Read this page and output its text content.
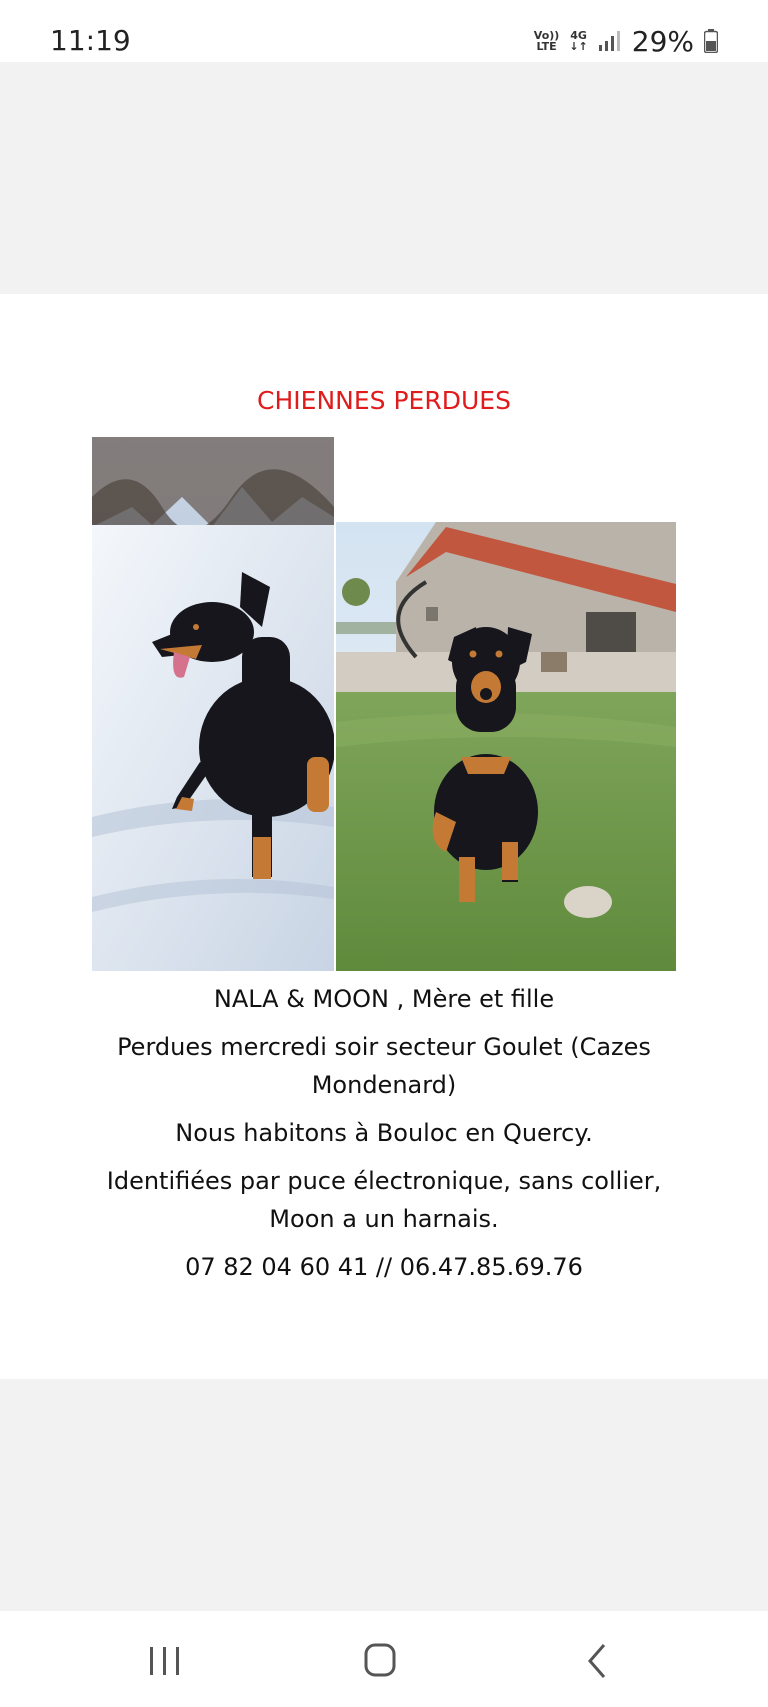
11:19	Vo))
LTE
4G
↓↑ 29%
CHIENNES PERDUES
NALA & MOON , Mère et fille
Perdues mercredi soir secteur Goulet (Cazes Mondenard)
Nous habitons à Bouloc en Quercy.
Identifiées par puce électronique, sans collier, Moon a un harnais.
07 82 04 60 41 // 06.47.85.69.76
